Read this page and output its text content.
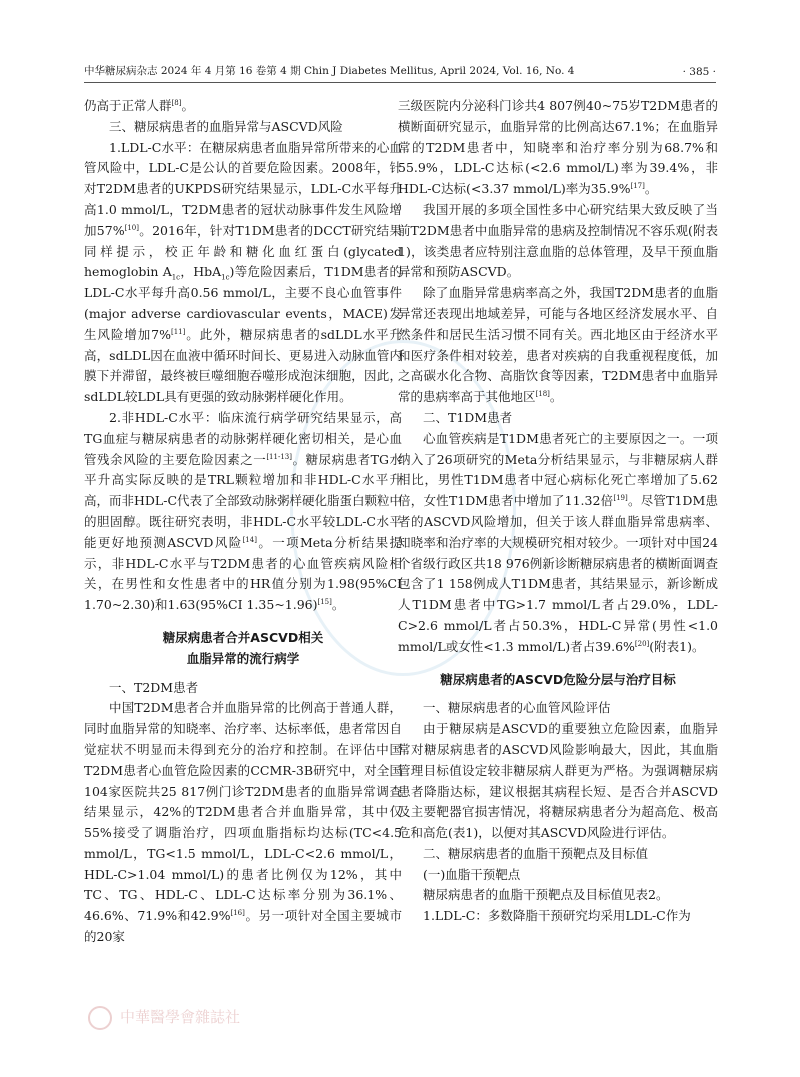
中华糖尿病杂志 2024 年 4 月第 16 卷第 4 期 Chin J Diabetes Mellitus, April 2024, Vol. 16, No. 4	· 385 ·

仍高于正常人群[8]。

三、糖尿病患者的血脂异常与ASCVD风险

1.LDL-C水平：在糖尿病患者血脂异常所带来的心血管风险中，LDL-C是公认的首要危险因素。2008年，针对T2DM患者的UKPDS研究结果显示，LDL-C水平每升高1.0 mmol/L，T2DM患者的冠状动脉事件发生风险增加57%[10]。2016年，针对T1DM患者的DCCT研究结果同样提示，校正年龄和糖化血红蛋白(glycated hemoglobin $A_{1c}$，HbA$_{1c}$)等危险因素后，T1DM患者的LDL-C水平每升高0.56 mmol/L，主要不良心血管事件(major adverse cardiovascular events，MACE)发生风险增加7%[11]。此外，糖尿病患者的sdLDL水平升高，sdLDL因在血液中循环时间长、更易进入动脉血管内膜下并滞留，最终被巨噬细胞吞噬形成泡沫细胞，因此，sdLDL较LDL具有更强的致动脉粥样硬化作用。

2.非HDL-C水平：临床流行病学研究结果显示，高TG血症与糖尿病患者的动脉粥样硬化密切相关，是心血管残余风险的主要危险因素之一[11-13]。糖尿病患者TG水平升高实际反映的是TRL颗粒增加和非HDL-C水平升高，而非HDL-C代表了全部致动脉粥样硬化脂蛋白颗粒中的胆固醇。既往研究表明，非HDL-C水平较LDL-C水平能更好地预测ASCVD风险[14]。一项Meta分析结果提示，非HDL-C水平与T2DM患者的心血管疾病风险相关，在男性和女性患者中的HR值分别为1.98(95%CI 1.70~2.30)和1.63(95%CI 1.35~1.96)[15]。

糖尿病患者合并ASCVD相关
血脂异常的流行病学

一、T2DM患者

中国T2DM患者合并血脂异常的比例高于普通人群，同时血脂异常的知晓率、治疗率、达标率低，患者常因自觉症状不明显而未得到充分的治疗和控制。在评估中国T2DM患者心血管危险因素的CCMR-3B研究中，对全国104家医院共25 817例门诊T2DM患者的血脂异常调查结果显示，42%的T2DM患者合并血脂异常，其中仅55%接受了调脂治疗，四项血脂指标均达标(TC<4.5 mmol/L，TG<1.5 mmol/L，LDL-C<2.6 mmol/L，HDL-C>1.04 mmol/L)的患者比例仅为12%，其中TC、TG、HDL-C、LDL-C达标率分别为36.1%、46.6%、71.9%和42.9%[16]。另一项针对全国主要城市的20家

三级医院内分泌科门诊共4 807例40~75岁T2DM患者的横断面研究显示，血脂异常的比例高达67.1%；在血脂异常的T2DM患者中，知晓率和治疗率分别为68.7%和55.9%，LDL-C达标(<2.6 mmol/L)率为39.4%，非HDL-C达标(<3.37 mmol/L)率为35.9%[17]。

我国开展的多项全国性多中心研究结果大致反映了当前T2DM患者中血脂异常的患病及控制情况不容乐观(附表1)，该类患者应特别注意血脂的总体管理，及早干预血脂异常和预防ASCVD。

除了血脂异常患病率高之外，我国T2DM患者的血脂异常还表现出地域差异，可能与各地区经济发展水平、自然条件和居民生活习惯不同有关。西北地区由于经济水平和医疗条件相对较差，患者对疾病的自我重视程度低，加之高碳水化合物、高脂饮食等因素，T2DM患者中血脂异常的患病率高于其他地区[18]。

二、T1DM患者

心血管疾病是T1DM患者死亡的主要原因之一。一项纳入了26项研究的Meta分析结果显示，与非糖尿病人群相比，男性T1DM患者中冠心病标化死亡率增加了5.62倍，女性T1DM患者中增加了11.32倍[19]。尽管T1DM患者的ASCVD风险增加，但关于该人群血脂异常患病率、知晓率和治疗率的大规模研究相对较少。一项针对中国24个省级行政区共18 976例新诊断糖尿病患者的横断面调查包含了1 158例成人T1DM患者，其结果显示，新诊断成人T1DM患者中TG>1.7 mmol/L者占29.0%，LDL-C>2.6 mmol/L者占50.3%，HDL-C异常(男性<1.0 mmol/L或女性<1.3 mmol/L)者占39.6%[20](附表1)。

糖尿病患者的ASCVD危险分层与治疗目标

一、糖尿病患者的心血管风险评估

由于糖尿病是ASCVD的重要独立危险因素，血脂异常对糖尿病患者的ASCVD风险影响最大，因此，其血脂管理目标值设定较非糖尿病人群更为严格。为强调糖尿病患者降脂达标，建议根据其病程长短、是否合并ASCVD及主要靶器官损害情况，将糖尿病患者分为超高危、极高危和高危(表1)，以便对其ASCVD风险进行评估。

二、糖尿病患者的血脂干预靶点及目标值

(一)血脂干预靶点

糖尿病患者的血脂干预靶点及目标值见表2。

1.LDL-C：多数降脂干预研究均采用LDL-C作为

中華醫學會雜誌社
